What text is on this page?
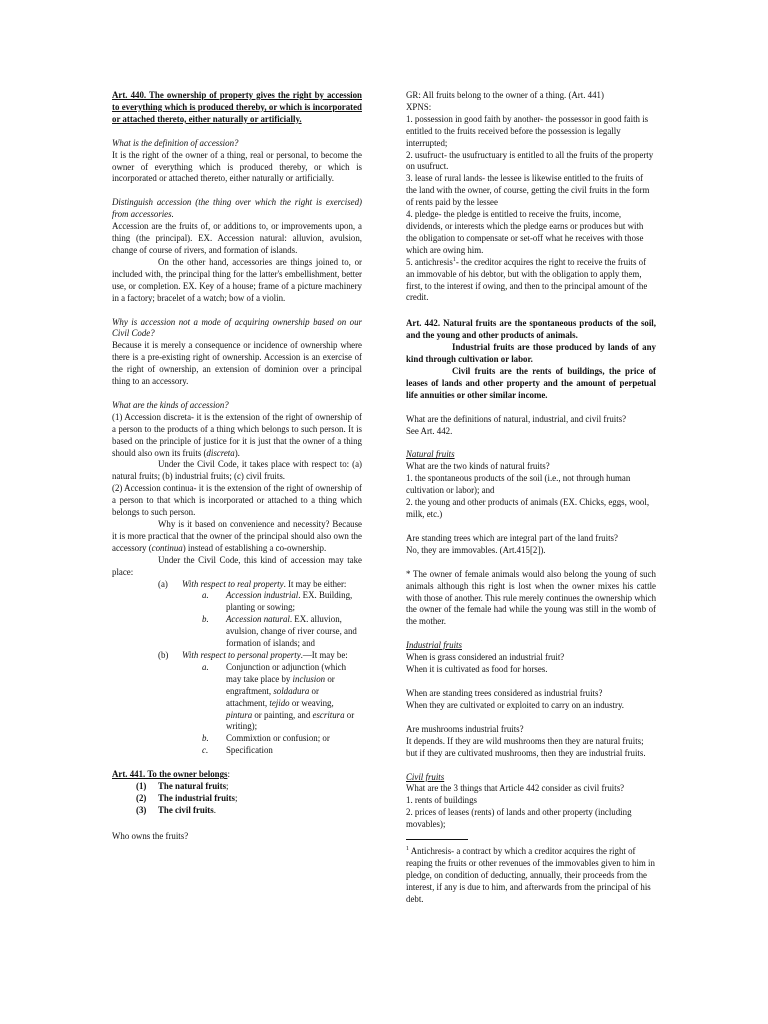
Art. 440. The ownership of property gives the right by accession to everything which is produced thereby, or which is incorporated or attached thereto, either naturally or artificially.

What is the definition of accession?

It is the right of the owner of a thing, real or personal, to become the owner of everything which is produced thereby, or which is incorporated or attached thereto, either naturally or artificially.

Distinguish accession (the thing over which the right is exercised) from accessories.

Accession are the fruits of, or additions to, or improvements upon, a thing (the principal). EX. Accession natural: alluvion, avulsion, change of course of rivers, and formation of islands.

On the other hand, accessories are things joined to, or included with, the principal thing for the latter's embellishment, better use, or completion. EX. Key of a house; frame of a picture machinery in a factory; bracelet of a watch; bow of a violin.

Why is accession not a mode of acquiring ownership based on our Civil Code?

Because it is merely a consequence or incidence of ownership where there is a pre-existing right of ownership. Accession is an exercise of the right of ownership, an extension of dominion over a principal thing to an accessory.

What are the kinds of accession?

(1) Accession discreta- it is the extension of the right of ownership of a person to the products of a thing which belongs to such person. It is based on the principle of justice for it is just that the owner of a thing should also own its fruits (discreta).

Under the Civil Code, it takes place with respect to: (a) natural fruits; (b) industrial fruits; (c) civil fruits.

(2) Accession continua- it is the extension of the right of ownership of a person to that which is incorporated or attached to a thing which belongs to such person.

Why is it based on convenience and necessity? Because it is more practical that the owner of the principal should also own the accessory (continua) instead of establishing a co-ownership.

Under the Civil Code, this kind of accession may take place:

(a) With respect to real property. It may be either:
a. Accession industrial. EX. Building, planting or sowing;
b. Accession natural. EX. alluvion, avulsion, change of river course, and formation of islands; and
(b) With respect to personal property.—It may be:
a. Conjunction or adjunction (which may take place by inclusion or engraftment, soldadura or attachment, tejido or weaving, pintura or painting, and escritura or writing);
b. Commixtion or confusion; or
c. Specification

Art. 441. To the owner belongs:

(1) The natural fruits;
(2) The industrial fruits;
(3) The civil fruits.

Who owns the fruits?

GR: All fruits belong to the owner of a thing. (Art. 441)

XPNS:

1. possession in good faith by another- the possessor in good faith is entitled to the fruits received before the possession is legally interrupted;

2. usufruct- the usufructuary is entitled to all the fruits of the property on usufruct.

3. lease of rural lands- the lessee is likewise entitled to the fruits of the land with the owner, of course, getting the civil fruits in the form of rents paid by the lessee

4. pledge- the pledge is entitled to receive the fruits, income, dividends, or interests which the pledge earns or produces but with the obligation to compensate or set-off what he receives with those which are owing him.

5. antichresis$^1$- the creditor acquires the right to receive the fruits of an immovable of his debtor, but with the obligation to apply them, first, to the interest if owing, and then to the principal amount of the credit.

Art. 442. Natural fruits are the spontaneous products of the soil, and the young and other products of animals.

Industrial fruits are those produced by lands of any kind through cultivation or labor.

Civil fruits are the rents of buildings, the price of leases of lands and other property and the amount of perpetual life annuities or other similar income.

What are the definitions of natural, industrial, and civil fruits?

See Art. 442.

Natural fruits

What are the two kinds of natural fruits?

1. the spontaneous products of the soil (i.e., not through human cultivation or labor); and

2. the young and other products of animals (EX. Chicks, eggs, wool, milk, etc.)

Are standing trees which are integral part of the land fruits?

No, they are immovables. (Art.415[2]).

* The owner of female animals would also belong the young of such animals although this right is lost when the owner mixes his cattle with those of another. This rule merely continues the ownership which the owner of the female had while the young was still in the womb of the mother.

Industrial fruits

When is grass considered an industrial fruit?

When it is cultivated as food for horses.

When are standing trees considered as industrial fruits?

When they are cultivated or exploited to carry on an industry.

Are mushrooms industrial fruits?

It depends. If they are wild mushrooms then they are natural fruits; but if they are cultivated mushrooms, then they are industrial fruits.

Civil fruits

What are the 3 things that Article 442 consider as civil fruits?

1. rents of buildings

2. prices of leases (rents) of lands and other property (including movables);

$^1$ Antichresis- a contract by which a creditor acquires the right of reaping the fruits or other revenues of the immovables given to him in pledge, on condition of deducting, annually, their proceeds from the interest, if any is due to him, and afterwards from the principal of his debt.
